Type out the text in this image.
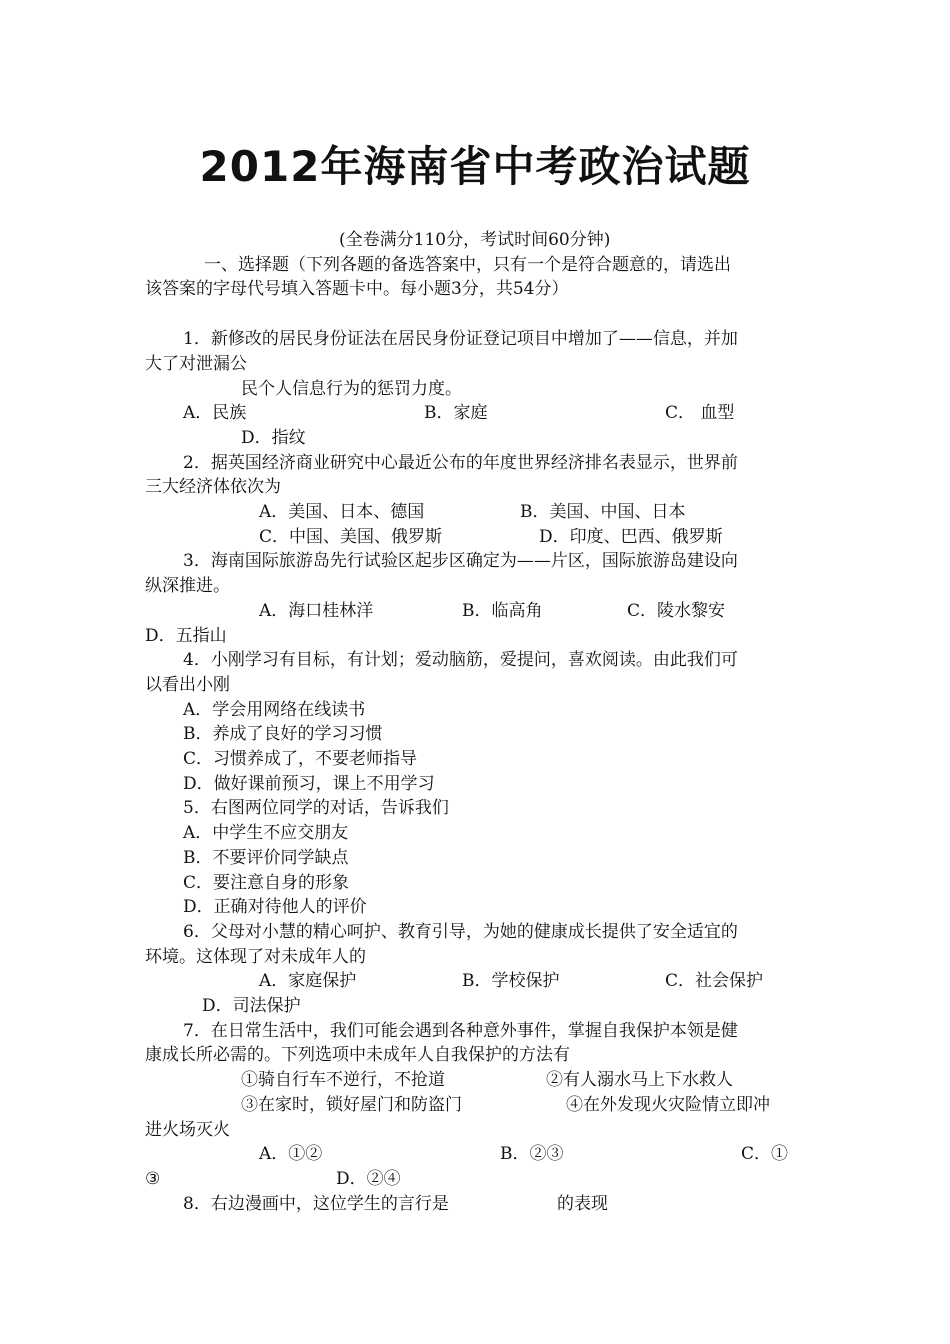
2012年海南省中考政治试题
(全卷满分110分，考试时间60分钟)
一、选择题（下列各题的备选答案中，只有一个是符合题意的，请选出
该答案的字母代号填入答题卡中。每小题3分，共54分）
1．新修改的居民身份证法在居民身份证登记项目中增加了——信息，并加
大了对泄漏公
民个人信息行为的惩罚力度。
A．民族	B．家庭	C． 血型
D．指纹
2．据英国经济商业研究中心最近公布的年度世界经济排名表显示，世界前
三大经济体依次为
A．美国、日本、德国	B．美国、中国、日本
C．中国、美国、俄罗斯	D．印度、巴西、俄罗斯
3．海南国际旅游岛先行试验区起步区确定为——片区，国际旅游岛建设向
纵深推进。
A．海口桂林洋	B．临高角	C．陵水黎安
D．五指山
4．小刚学习有目标，有计划；爱动脑筋，爱提问，喜欢阅读。由此我们可
以看出小刚
A．学会用网络在线读书
B．养成了良好的学习习惯
C．习惯养成了，不要老师指导
D．做好课前预习，课上不用学习
5．右图两位同学的对话，告诉我们
A．中学生不应交朋友
B．不要评价同学缺点
C．要注意自身的形象
D．正确对待他人的评价
6．父母对小慧的精心呵护、教育引导，为她的健康成长提供了安全适宜的
环境。这体现了对未成年人的
A．家庭保护	B．学校保护	C．社会保护
D．司法保护
7．在日常生活中，我们可能会遇到各种意外事件，掌握自我保护本领是健
康成长所必需的。下列选项中未成年人自我保护的方法有
①骑自行车不逆行，不抢道	②有人溺水马上下水救人
③在家时，锁好屋门和防盗门	④在外发现火灾险情立即冲
进火场灭火
A．①②	B．②③	C．①
③	D．②④
8．右边漫画中，这位学生的言行是	的表现
